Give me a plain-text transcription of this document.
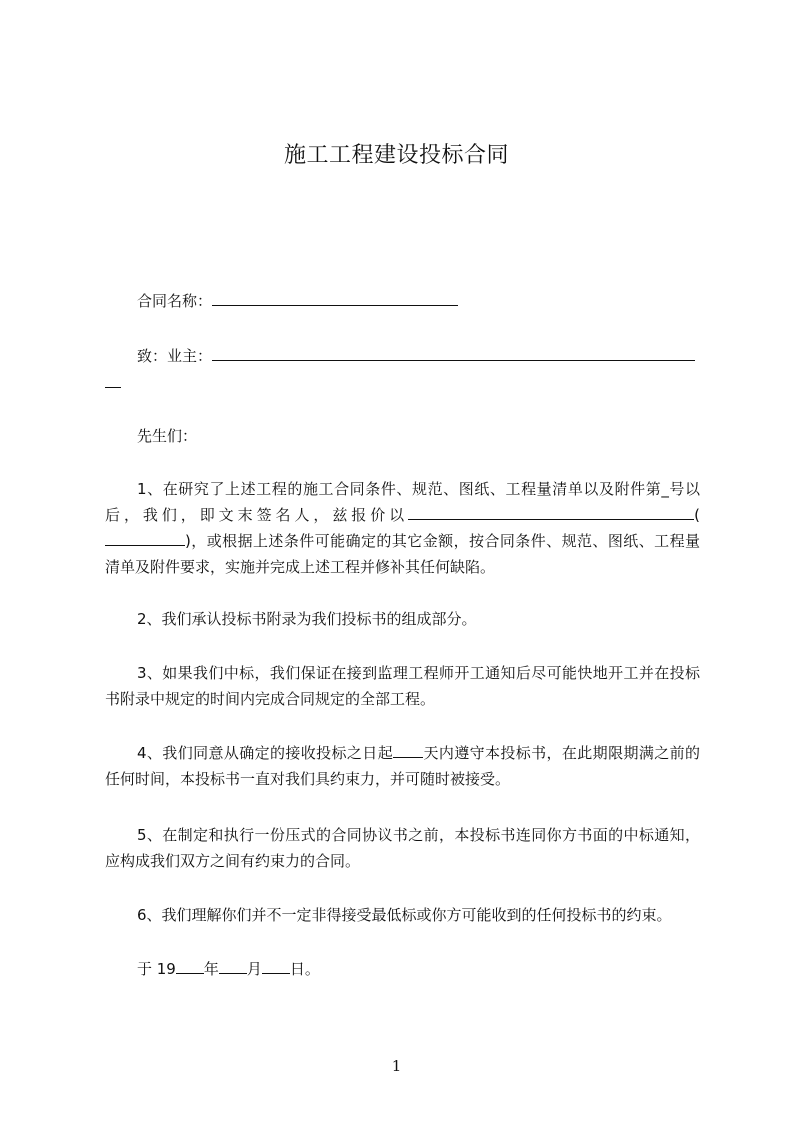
施工工程建设投标合同
合同名称：
致：业主：
先生们：
1、在研究了上述工程的施工合同条件、规范、图纸、工程量清单以及附件第_号以后，我们，即文末签名人，兹报价以	()，或根据上述条件可能确定的其它金额，按合同条件、规范、图纸、工程量清单及附件要求，实施并完成上述工程并修补其任何缺陷。
2、我们承认投标书附录为我们投标书的组成部分。
3、如果我们中标，我们保证在接到监理工程师开工通知后尽可能快地开工并在投标书附录中规定的时间内完成合同规定的全部工程。
4、我们同意从确定的接收投标之日起 天内遵守本投标书，在此期限期满之前的任何时间，本投标书一直对我们具约束力，并可随时被接受。
5、在制定和执行一份压式的合同协议书之前，本投标书连同你方书面的中标通知，应构成我们双方之间有约束力的合同。
6、我们理解你们并不一定非得接受最低标或你方可能收到的任何投标书的约束。
于 19 年 月 日。
1
